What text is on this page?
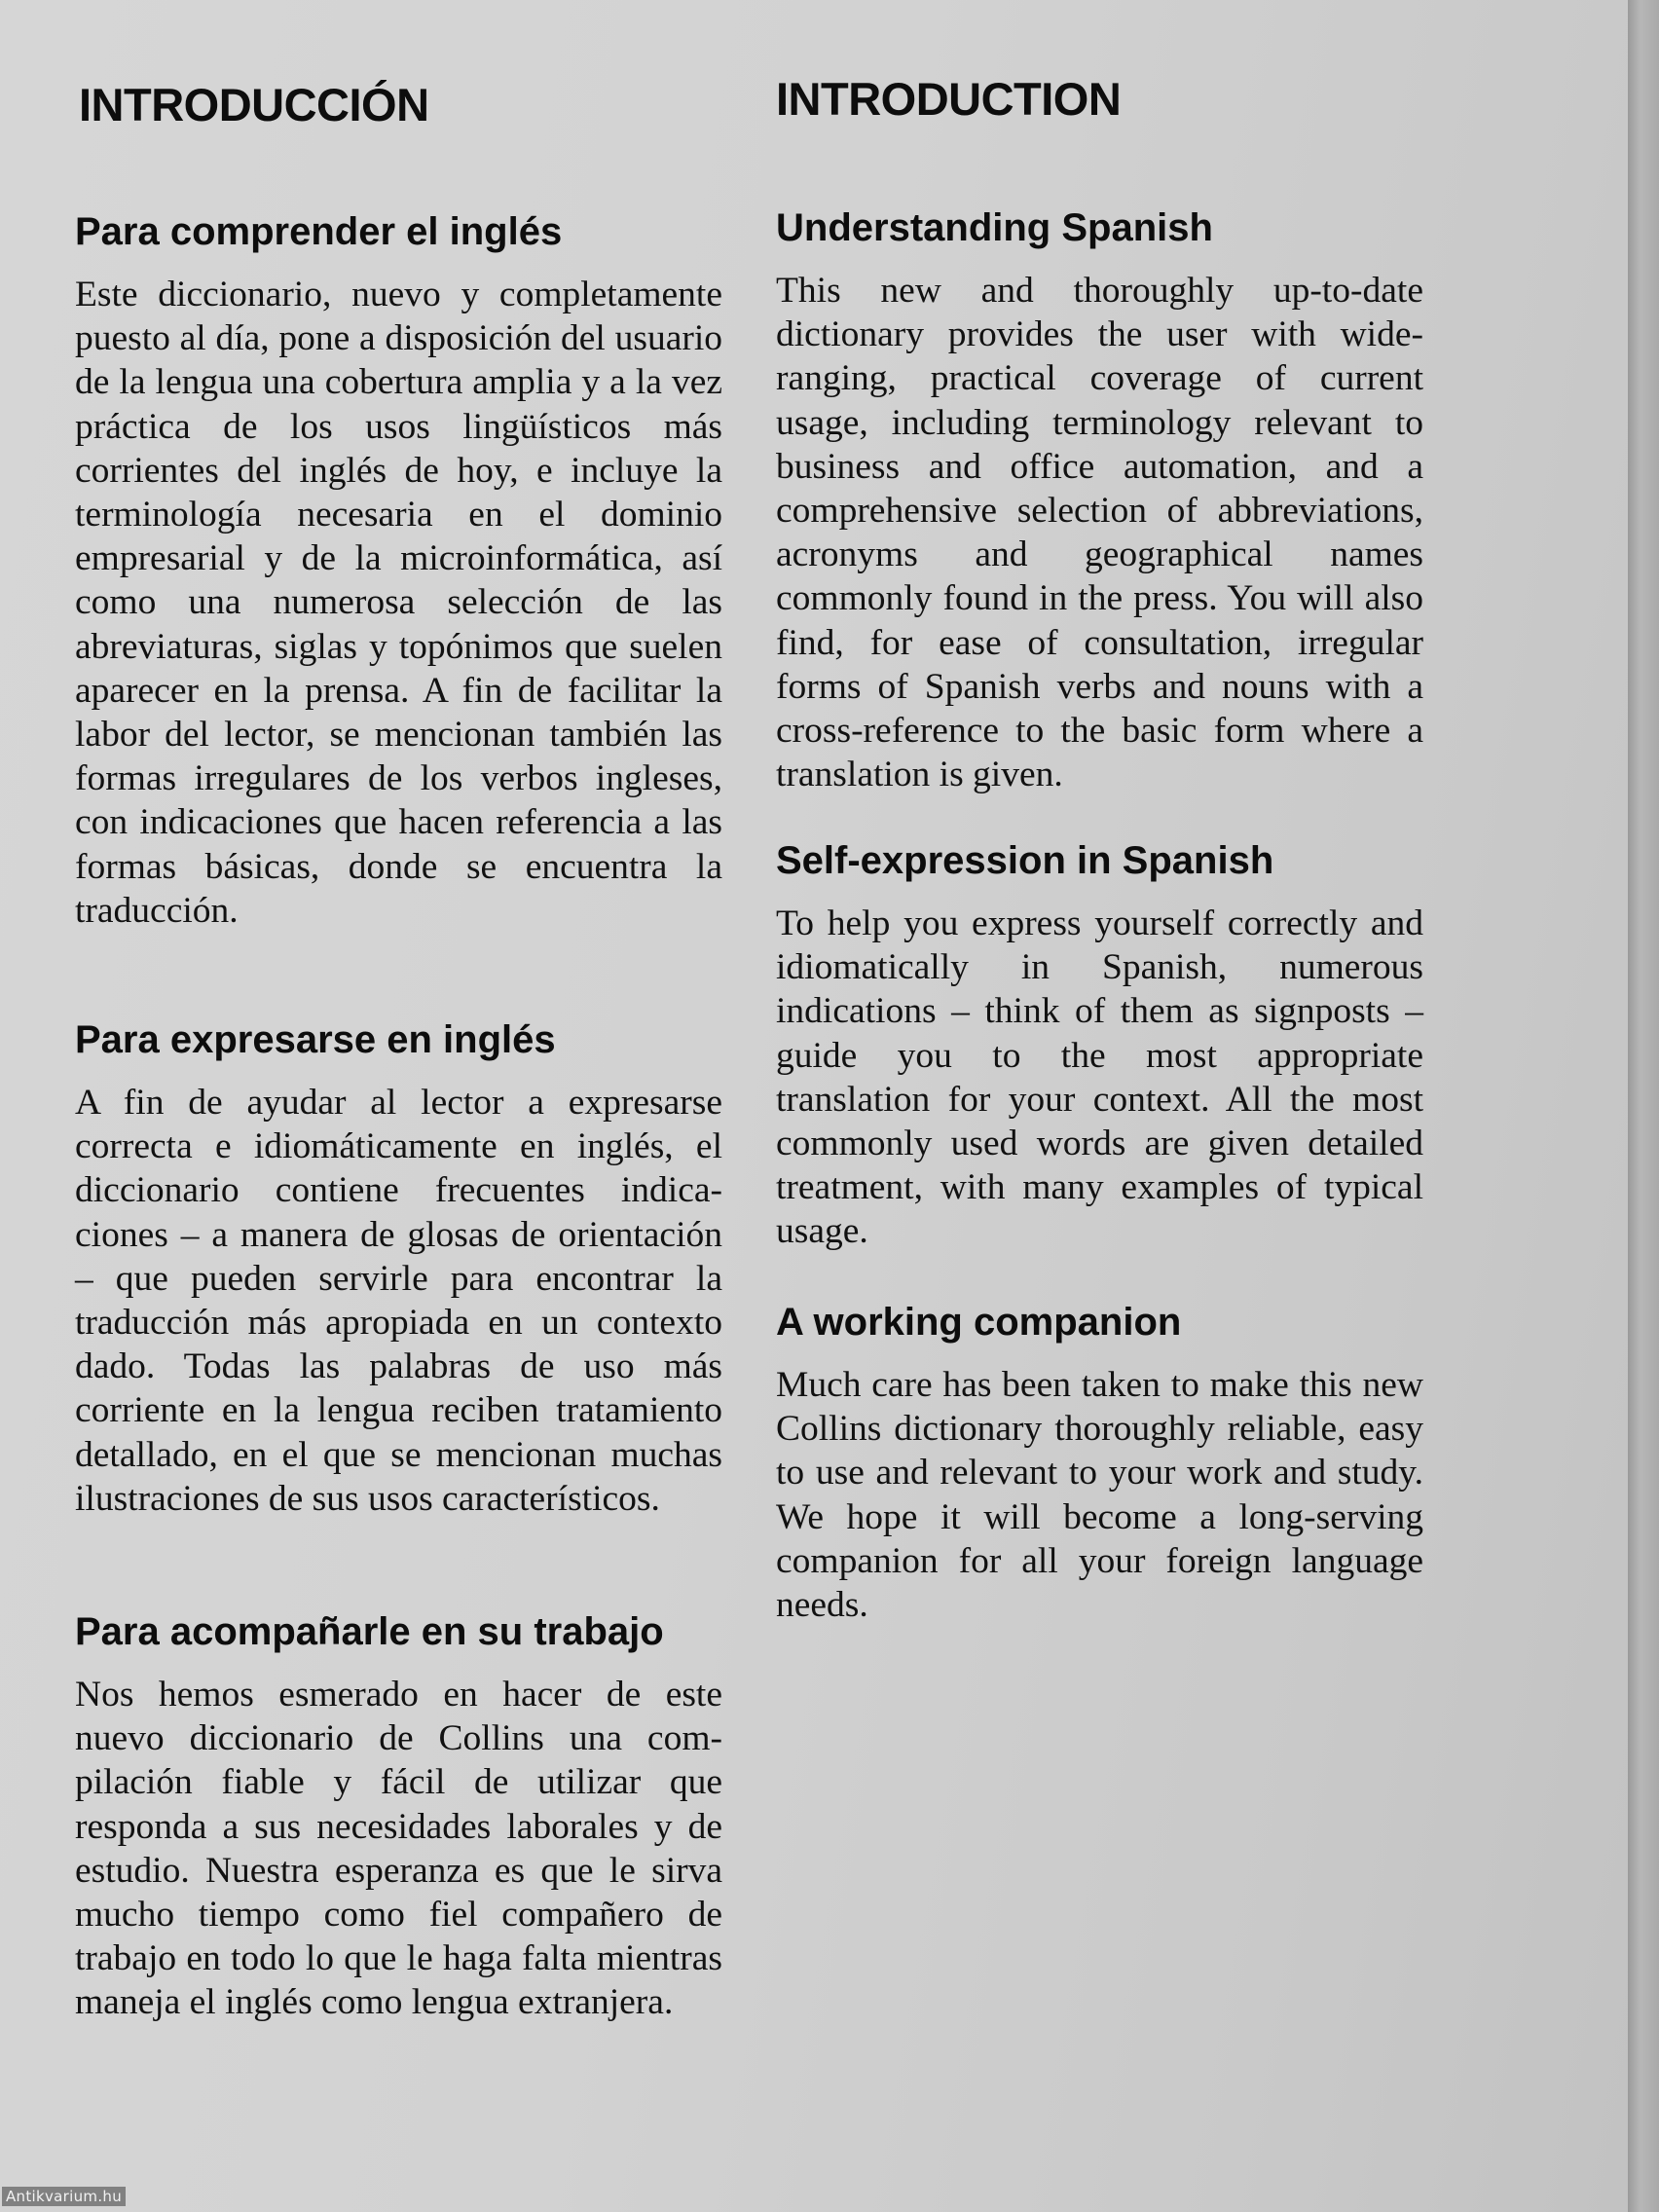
INTRODUCCIÓN
Para comprender el inglés

Este diccionario, nuevo y completamente puesto al día, pone a disposición del usuario de la lengua una cobertura amplia y a la vez práctica de los usos lingüísticos más corrientes del inglés de hoy, e incluye la terminología necesaria en el dominio empresarial y de la microinformática, así como una numerosa selección de las abreviaturas, siglas y topónimos que suelen aparecer en la prensa. A fin de facilitar la labor del lector, se mencionan también las formas irregulares de los verbos ingleses, con indicaciones que hacen referencia a las formas básicas, donde se encuentra la traducción.

Para expresarse en inglés

A fin de ayudar al lector a expresarse correcta e idiomáticamente en inglés, el diccionario contiene frecuentes indicaciones – a manera de glosas de orientación – que pueden servirle para encontrar la traducción más apropiada en un contexto dado. Todas las palabras de uso más corriente en la lengua reciben tratamiento detallado, en el que se mencionan muchas ilustraciones de sus usos característicos.

Para acompañarle en su trabajo

Nos hemos esmerado en hacer de este nuevo diccionario de Collins una compilación fiable y fácil de utilizar que responda a sus necesidades laborales y de estudio. Nuestra esperanza es que le sirva mucho tiempo como fiel compañero de trabajo en todo lo que le haga falta mientras maneja el inglés como lengua extranjera.

INTRODUCTION
Understanding Spanish

This new and thoroughly up-to-date dictionary provides the user with wide-ranging, practical coverage of current usage, including terminology relevant to business and office automation, and a comprehensive selection of abbreviations, acronyms and geographical names commonly found in the press. You will also find, for ease of consultation, irregular forms of Spanish verbs and nouns with a cross-reference to the basic form where a translation is given.

Self-expression in Spanish

To help you express yourself correctly and idiomatically in Spanish, numerous indications – think of them as signposts – guide you to the most appropriate translation for your context. All the most commonly used words are given detailed treatment, with many examples of typical usage.

A working companion

Much care has been taken to make this new Collins dictionary thoroughly reliable, easy to use and relevant to your work and study. We hope it will become a long-serving companion for all your foreign language needs.

Antikvarium.hu
